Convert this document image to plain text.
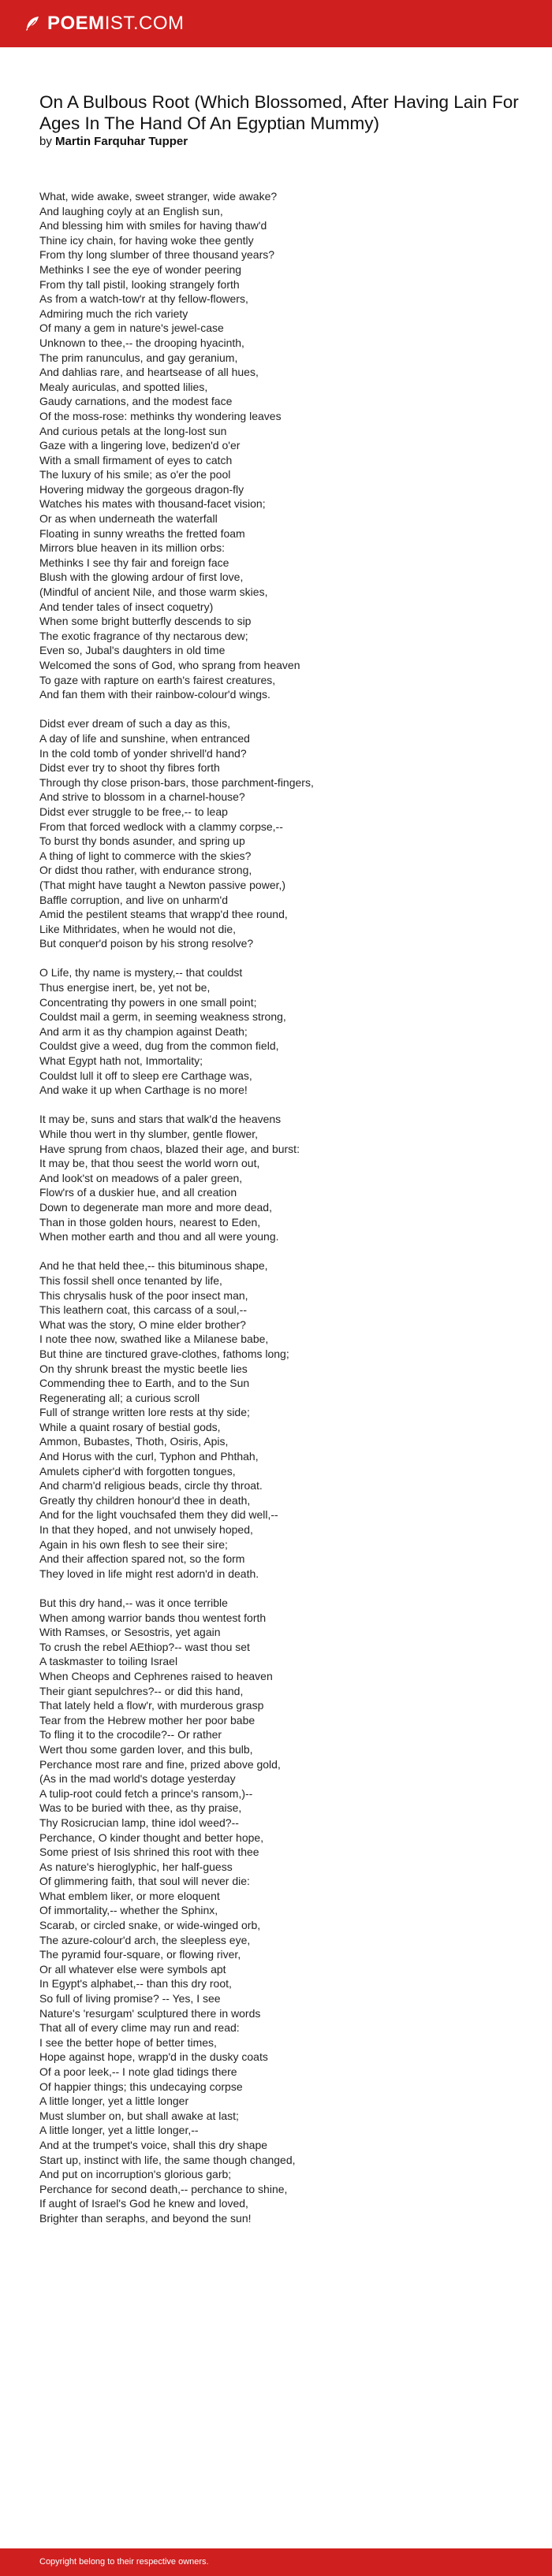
POEMIST.COM
On A Bulbous Root (Which Blossomed, After Having Lain For Ages In The Hand Of An Egyptian Mummy)
by Martin Farquhar Tupper

What, wide awake, sweet stranger, wide awake?
And laughing coyly at an English sun,
And blessing him with smiles for having thaw'd
Thine icy chain, for having woke thee gently
From thy long slumber of three thousand years?
Methinks I see the eye of wonder peering
From thy tall pistil, looking strangely forth
As from a watch-tow'r at thy fellow-flowers,
Admiring much the rich variety
Of many a gem in nature's jewel-case
Unknown to thee,-- the drooping hyacinth,
The prim ranunculus, and gay geranium,
And dahlias rare, and heartsease of all hues,
Mealy auriculas, and spotted lilies,
Gaudy carnations, and the modest face
Of the moss-rose: methinks thy wondering leaves
And curious petals at the long-lost sun
Gaze with a lingering love, bedizen'd o'er
With a small firmament of eyes to catch
The luxury of his smile; as o'er the pool
Hovering midway the gorgeous dragon-fly
Watches his mates with thousand-facet vision;
Or as when underneath the waterfall
Floating in sunny wreaths the fretted foam
Mirrors blue heaven in its million orbs:
Methinks I see thy fair and foreign face
Blush with the glowing ardour of first love,
(Mindful of ancient Nile, and those warm skies,
And tender tales of insect coquetry)
When some bright butterfly descends to sip
The exotic fragrance of thy nectarous dew;
Even so, Jubal's daughters in old time
Welcomed the sons of God, who sprang from heaven
To gaze with rapture on earth's fairest creatures,
And fan them with their rainbow-colour'd wings.

Didst ever dream of such a day as this,
A day of life and sunshine, when entranced
In the cold tomb of yonder shrivell'd hand?
Didst ever try to shoot thy fibres forth
Through thy close prison-bars, those parchment-fingers,
And strive to blossom in a charnel-house?
Didst ever struggle to be free,-- to leap
From that forced wedlock with a clammy corpse,--
To burst thy bonds asunder, and spring up
A thing of light to commerce with the skies?
Or didst thou rather, with endurance strong,
(That might have taught a Newton passive power,)
Baffle corruption, and live on unharm'd
Amid the pestilent steams that wrapp'd thee round,
Like Mithridates, when he would not die,
But conquer'd poison by his strong resolve?

O Life, thy name is mystery,-- that couldst
Thus energise inert, be, yet not be,
Concentrating thy powers in one small point;
Couldst mail a germ, in seeming weakness strong,
And arm it as thy champion against Death;
Couldst give a weed, dug from the common field,
What Egypt hath not, Immortality;
Couldst lull it off to sleep ere Carthage was,
And wake it up when Carthage is no more!

It may be, suns and stars that walk'd the heavens
While thou wert in thy slumber, gentle flower,
Have sprung from chaos, blazed their age, and burst:
It may be, that thou seest the world worn out,
And look'st on meadows of a paler green,
Flow'rs of a duskier hue, and all creation
Down to degenerate man more and more dead,
Than in those golden hours, nearest to Eden,
When mother earth and thou and all were young.

And he that held thee,-- this bituminous shape,
This fossil shell once tenanted by life,
This chrysalis husk of the poor insect man,
This leathern coat, this carcass of a soul,--
What was the story, O mine elder brother?
I note thee now, swathed like a Milanese babe,
But thine are tinctured grave-clothes, fathoms long;
On thy shrunk breast the mystic beetle lies
Commending thee to Earth, and to the Sun
Regenerating all; a curious scroll
Full of strange written lore rests at thy side;
While a quaint rosary of bestial gods,
Ammon, Bubastes, Thoth, Osiris, Apis,
And Horus with the curl, Typhon and Phthah,
Amulets cipher'd with forgotten tongues,
And charm'd religious beads, circle thy throat.
Greatly thy children honour'd thee in death,
And for the light vouchsafed them they did well,--
In that they hoped, and not unwisely hoped,
Again in his own flesh to see their sire;
And their affection spared not, so the form
They loved in life might rest adorn'd in death.

But this dry hand,-- was it once terrible
When among warrior bands thou wentest forth
With Ramses, or Sesostris, yet again
To crush the rebel AEthiop?-- wast thou set
A taskmaster to toiling Israel
When Cheops and Cephrenes raised to heaven
Their giant sepulchres?-- or did this hand,
That lately held a flow'r, with murderous grasp
Tear from the Hebrew mother her poor babe
To fling it to the crocodile?-- Or rather
Wert thou some garden lover, and this bulb,
Perchance most rare and fine, prized above gold,
(As in the mad world's dotage yesterday
A tulip-root could fetch a prince's ransom,)--
Was to be buried with thee, as thy praise,
Thy Rosicrucian lamp, thine idol weed?--
Perchance, O kinder thought and better hope,
Some priest of Isis shrined this root with thee
As nature's hieroglyphic, her half-guess
Of glimmering faith, that soul will never die:
What emblem liker, or more eloquent
Of immortality,-- whether the Sphinx,
Scarab, or circled snake, or wide-winged orb,
The azure-colour'd arch, the sleepless eye,
The pyramid four-square, or flowing river,
Or all whatever else were symbols apt
In Egypt's alphabet,-- than this dry root,
So full of living promise? -- Yes, I see
Nature's 'resurgam' sculptured there in words
That all of every clime may run and read:
I see the better hope of better times,
Hope against hope, wrapp'd in the dusky coats
Of a poor leek,-- I note glad tidings there
Of happier things; this undecaying corpse
A little longer, yet a little longer
Must slumber on, but shall awake at last;
A little longer, yet a little longer,--
And at the trumpet's voice, shall this dry shape
Start up, instinct with life, the same though changed,
And put on incorruption's glorious garb;
Perchance for second death,-- perchance to shine,
If aught of Israel's God he knew and loved,
Brighter than seraphs, and beyond the sun!

Copyright belong to their respective owners.
